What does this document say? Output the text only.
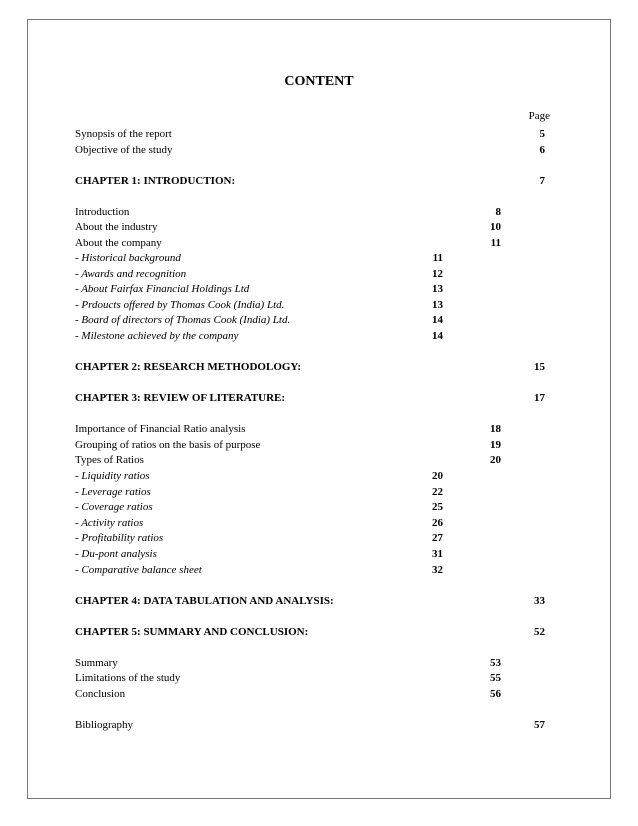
CONTENT
Page
Synopsis of the report	5
Objective of the study	6
CHAPTER 1: INTRODUCTION:	7
Introduction	8
About the industry	10
About the company	11
- Historical background	11
- Awards and recognition	12
- About Fairfax Financial Holdings Ltd	13
- Prdoucts offered by Thomas Cook (India) Ltd.	13
- Board of directors of Thomas Cook (India) Ltd.	14
- Milestone achieved by the company	14
CHAPTER 2: RESEARCH METHODOLOGY:	15
CHAPTER 3: REVIEW OF LITERATURE:	17
Importance of Financial Ratio analysis	18
Grouping of ratios on the basis of purpose	19
Types of Ratios	20
- Liquidity ratios	20
- Leverage ratios	22
- Coverage ratios	25
- Activity ratios	26
- Profitability ratios	27
- Du-pont analysis	31
- Comparative balance sheet	32
CHAPTER 4: DATA TABULATION AND ANALYSIS:	33
CHAPTER 5: SUMMARY AND CONCLUSION:	52
Summary	53
Limitations of the study	55
Conclusion	56
Bibliography	57
